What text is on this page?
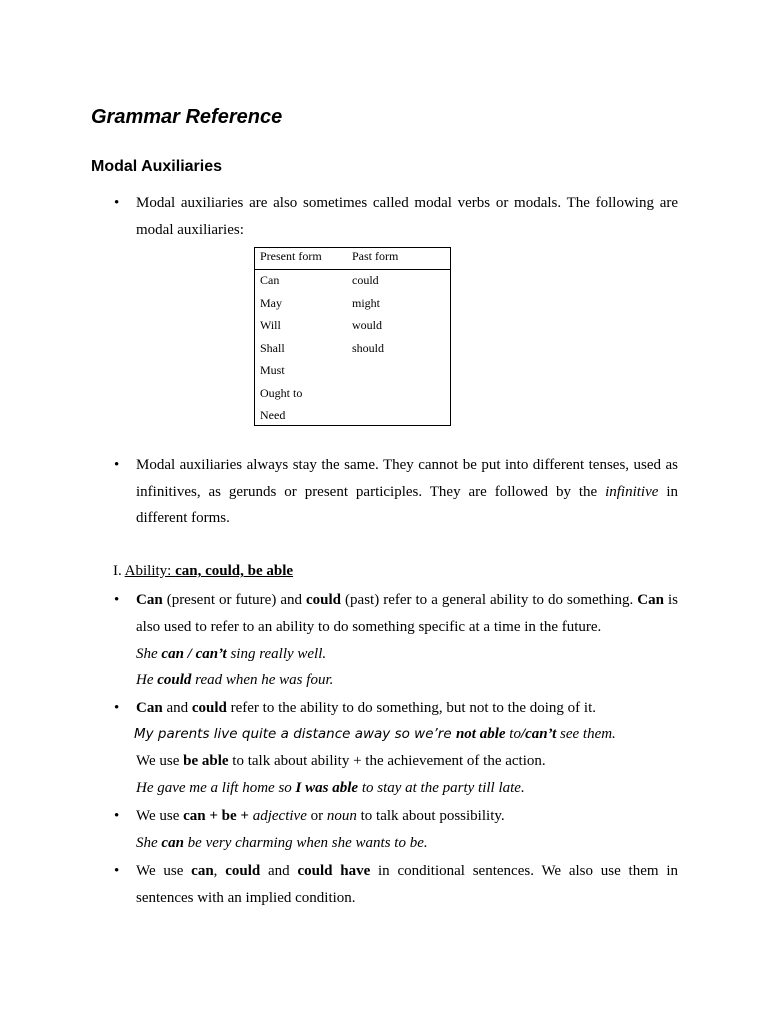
Grammar Reference
Modal Auxiliaries
• Modal auxiliaries are also sometimes called modal verbs or modals. The following are modal auxiliaries:
Present form	Past form
Can	could
May	might
Will	would
Shall	should
Must
Ought to
Need
• Modal auxiliaries always stay the same. They cannot be put into different tenses, used as infinitives, as gerunds or present participles. They are followed by the infinitive in different forms.
I. Ability: can, could, be able
• Can (present or future) and could (past) refer to a general ability to do something. Can is also used to refer to an ability to do something specific at a time in the future.
She can / can’t sing really well.
He could read when he was four.
• Can and could refer to the ability to do something, but not to the doing of it.
My parents live quite a distance away so we’re not able to/can’t see them.
We use be able to talk about ability + the achievement of the action.
He gave me a lift home so I was able to stay at the party till late.
• We use can + be + adjective or noun to talk about possibility.
She can be very charming when she wants to be.
• We use can, could and could have in conditional sentences. We also use them in
sentences with an implied condition.
